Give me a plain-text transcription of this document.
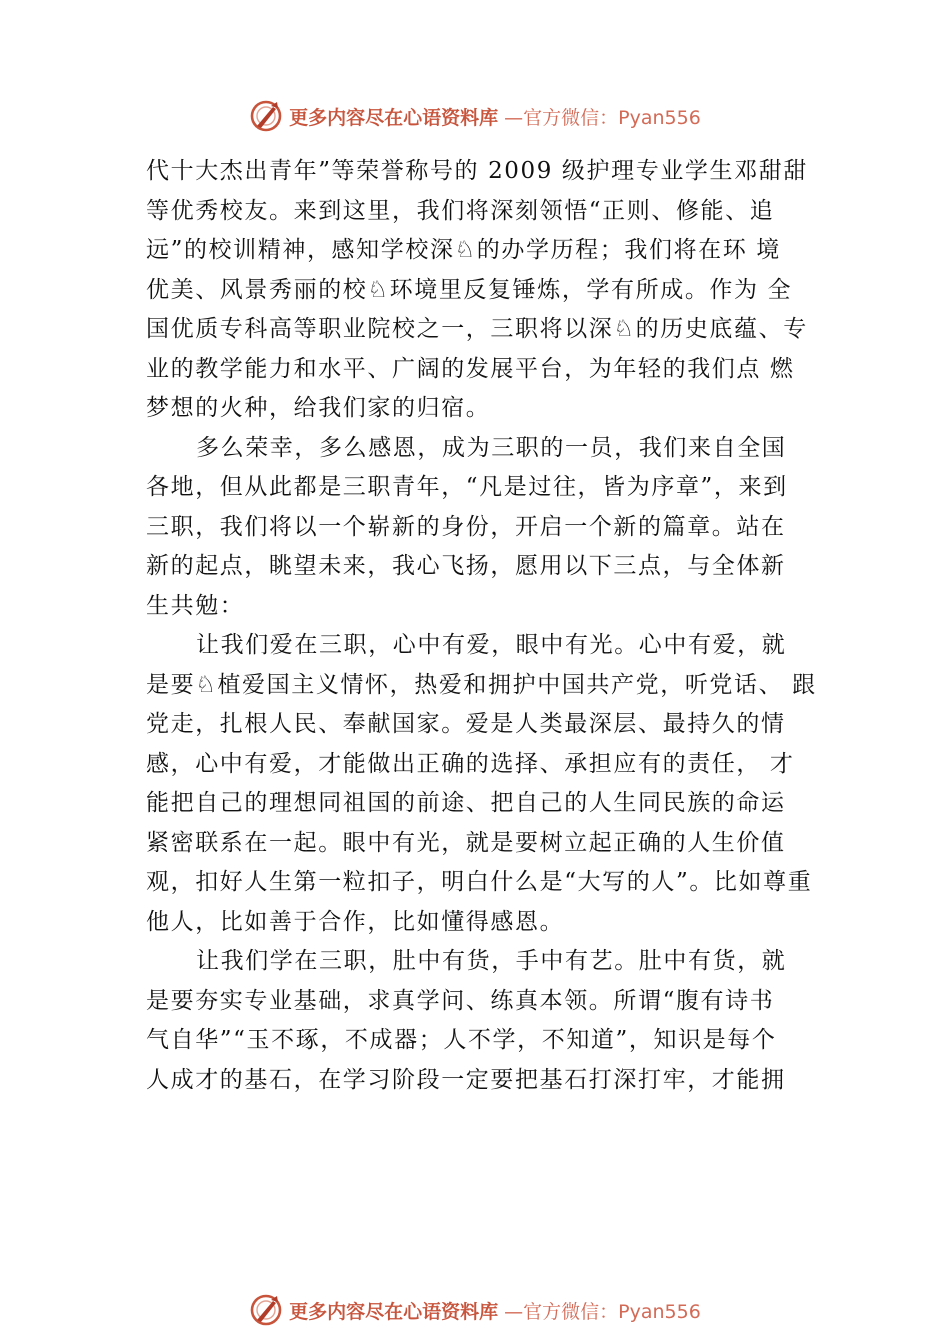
更多内容尽在心语资料库 —官方微信：Pyan556
代十大杰出青年”等荣誉称号的 2009 级护理专业学生邓甜甜
等优秀校友。来到这里，我们将深刻领悟“正则、修能、追
远”的校训精神，感知学校深♘的办学历程；我们将在环 境
优美、风景秀丽的校♘环境里反复锤炼，学有所成。作为 全
国优质专科高等职业院校之一，三职将以深♘的历史底蕴、专
业的教学能力和水平、广阔的发展平台，为年轻的我们点 燃
梦想的火种，给我们家的归宿。
多么荣幸，多么感恩，成为三职的一员，我们来自全国
各地，但从此都是三职青年，“凡是过往，皆为序章”，来到
三职，我们将以一个崭新的身份，开启一个新的篇章。站在
新的起点，眺望未来，我心飞扬，愿用以下三点，与全体新
生共勉：
让我们爱在三职，心中有爱，眼中有光。心中有爱，就
是要♘植爱国主义情怀，热爱和拥护中国共产党，听党话、 跟
党走，扎根人民、奉献国家。爱是人类最深层、最持久的情
感，心中有爱，才能做出正确的选择、承担应有的责任， 才
能把自己的理想同祖国的前途、把自己的人生同民族的命运
紧密联系在一起。眼中有光，就是要树立起正确的人生价值
观，扣好人生第一粒扣子，明白什么是“大写的人”。比如尊重
他人，比如善于合作，比如懂得感恩。
让我们学在三职，肚中有货，手中有艺。肚中有货，就
是要夯实专业基础，求真学问、练真本领。所谓“腹有诗书
气自华”“玉不琢，不成器；人不学，不知道”，知识是每个
人成才的基石，在学习阶段一定要把基石打深打牢，才能拥
更多内容尽在心语资料库 —官方微信：Pyan556
